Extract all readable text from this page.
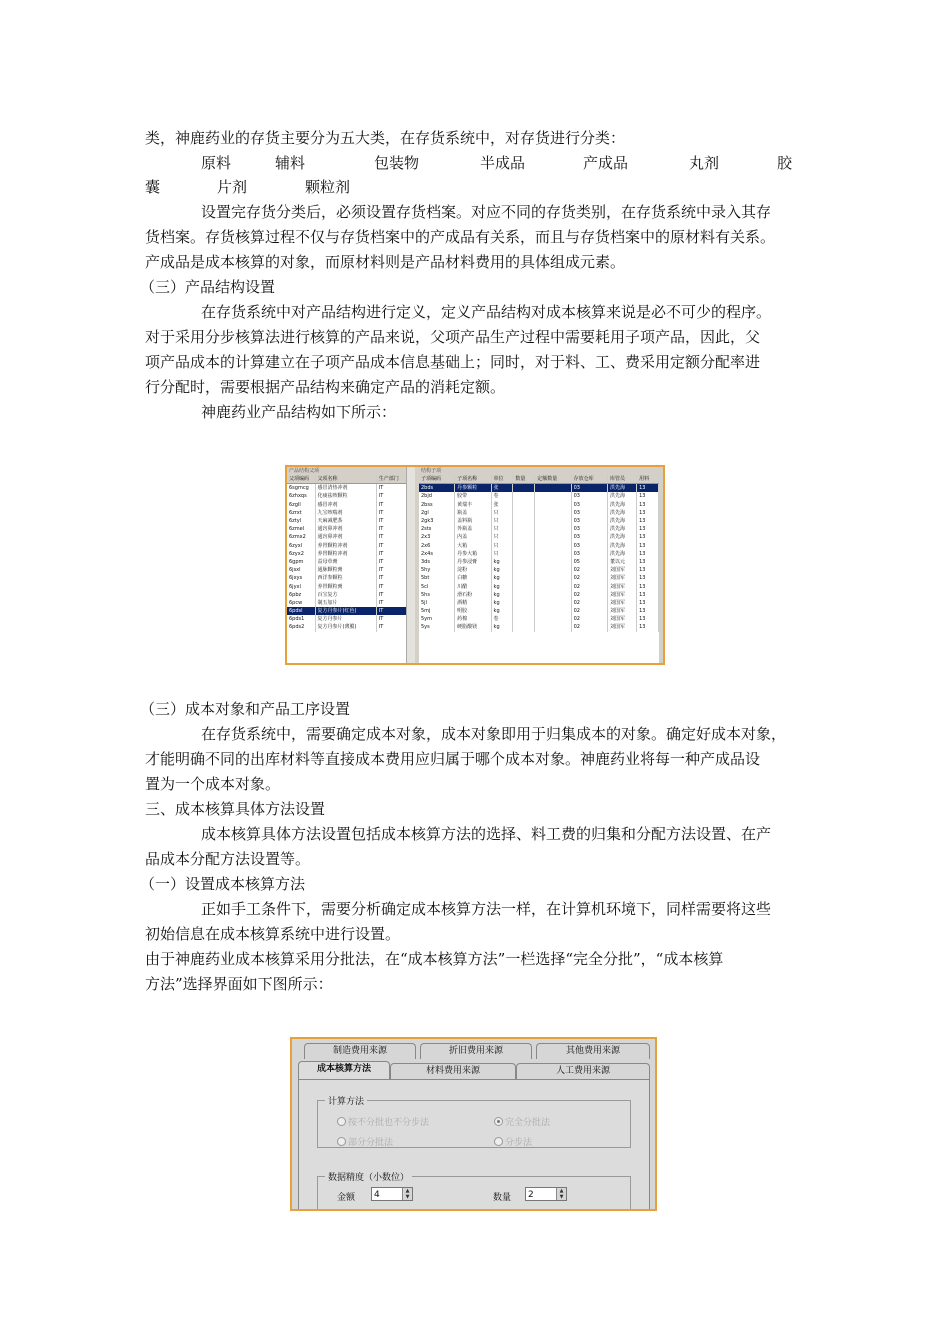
类，神鹿药业的存货主要分为五大类，在存货系统中，对存货进行分类：

原料	辅料	包装物	半成品	产成品	丸剂	胶

囊	片剂	颗粒剂

设置完存货分类后，必须设置存货档案。对应不同的存货类别，在存货系统中录入其存

货档案。存货核算过程不仅与存货档案中的产成品有关系，而且与存货档案中的原材料有关系。

产成品是成本核算的对象，而原材料则是产品材料费用的具体组成元素。

（三）产品结构设置

在存货系统中对产品结构进行定义，定义产品结构对成本核算来说是必不可少的程序。

对于采用分步核算法进行核算的产品来说，父项产品生产过程中需要耗用子项产品，因此，父

项产品成本的计算建立在子项产品成本信息基础上；同时，对于料、工、费采用定额分配率进

行分配时，需要根据产品结构来确定产品的消耗定额。

神鹿药业产品结构如下所示：

产品结构父项
父项编码	父项名称	生产部门
6sgmcg	感冒清热冲剂	IT
6zhxqs	化痰祛咳颗粒	IT
6zgll	感冒冲剂	IT
6zrxt	九宝咳喘剂	IT
6ztyl	天麻减肥茶	IT
6zmel	通窍鼻冲剂	IT
6zmx2	通窍鼻冲剂	IT
6zyxl	养胃颗粒冲剂	IT
6zyx2	养胃颗粒冲剂	IT
6gpm	益母草膏	IT
6jsxl	通脉颗粒膏	IT
6jxys	西洋参颗粒	IT
6jyxl	养胃颗粒膏	IT
6pbz	百宝复方	IT
6pcw	制五加片	IT
6pdsl	复方丹参片(红色)	IT
6pds1	复方丹参片	IT
6pds2	复方丹参片(薄膜)	IT
结构子项
子项编码	子项名称	单位	数量	定额数量	存放仓库	库管员	用料
2bds	丹参颗粒	张			03	洪先海	13
2bjd	胶带	卷			03	洪先海	13
2bss	黄瑞丰	张			03	洪先海	13
2gl	瓶盖	只			03	洪先海	13
2gk3	盖料瓶	只			03	洪先海	13
2sts	外瓶盖	只			03	洪先海	13
2x3	内盖	只			03	洪先海	13
2x6	大箱	只			03	洪先海	13
2x4s	丹参大箱	只			03	洪先海	13
3ds	丹参浸膏	kg			05	董以元	13
5hy	淀粉	kg			02	刘国军	13
5bt	白糖	kg			02	刘国军	13
5cl	川醋	kg			02	刘国军	13
5hs	滑石粉	kg			02	刘国军	13
5jl	酒精	kg			02	刘国军	13
5mj	明胶	kg			02	刘国军	13
5ym	药棉	卷			02	刘国军	13
5ys	硬脂酸镁	kg			02	刘国军	13

（三）成本对象和产品工序设置

在存货系统中，需要确定成本对象，成本对象即用于归集成本的对象。确定好成本对象，

才能明确不同的出库材料等直接成本费用应归属于哪个成本对象。神鹿药业将每一种产成品设

置为一个成本对象。

三、成本核算具体方法设置

成本核算具体方法设置包括成本核算方法的选择、料工费的归集和分配方法设置、在产

品成本分配方法设置等。

（一）设置成本核算方法

正如手工条件下，需要分析确定成本核算方法一样，在计算机环境下，同样需要将这些

初始信息在成本核算系统中进行设置。

由于神鹿药业成本核算采用分批法，在“成本核算方法”一栏选择“完全分批”，“成本核算

方法”选择界面如下图所示：

制造费用来源	折旧费用来源	其他费用来源
成本核算方法	材料费用来源	人工费用来源
计算方法
按不分批也不分步法	完全分批法
部分分批法	分步法
数据精度（小数位）
金额	4	▲
▼	数量	2	▲
▼
